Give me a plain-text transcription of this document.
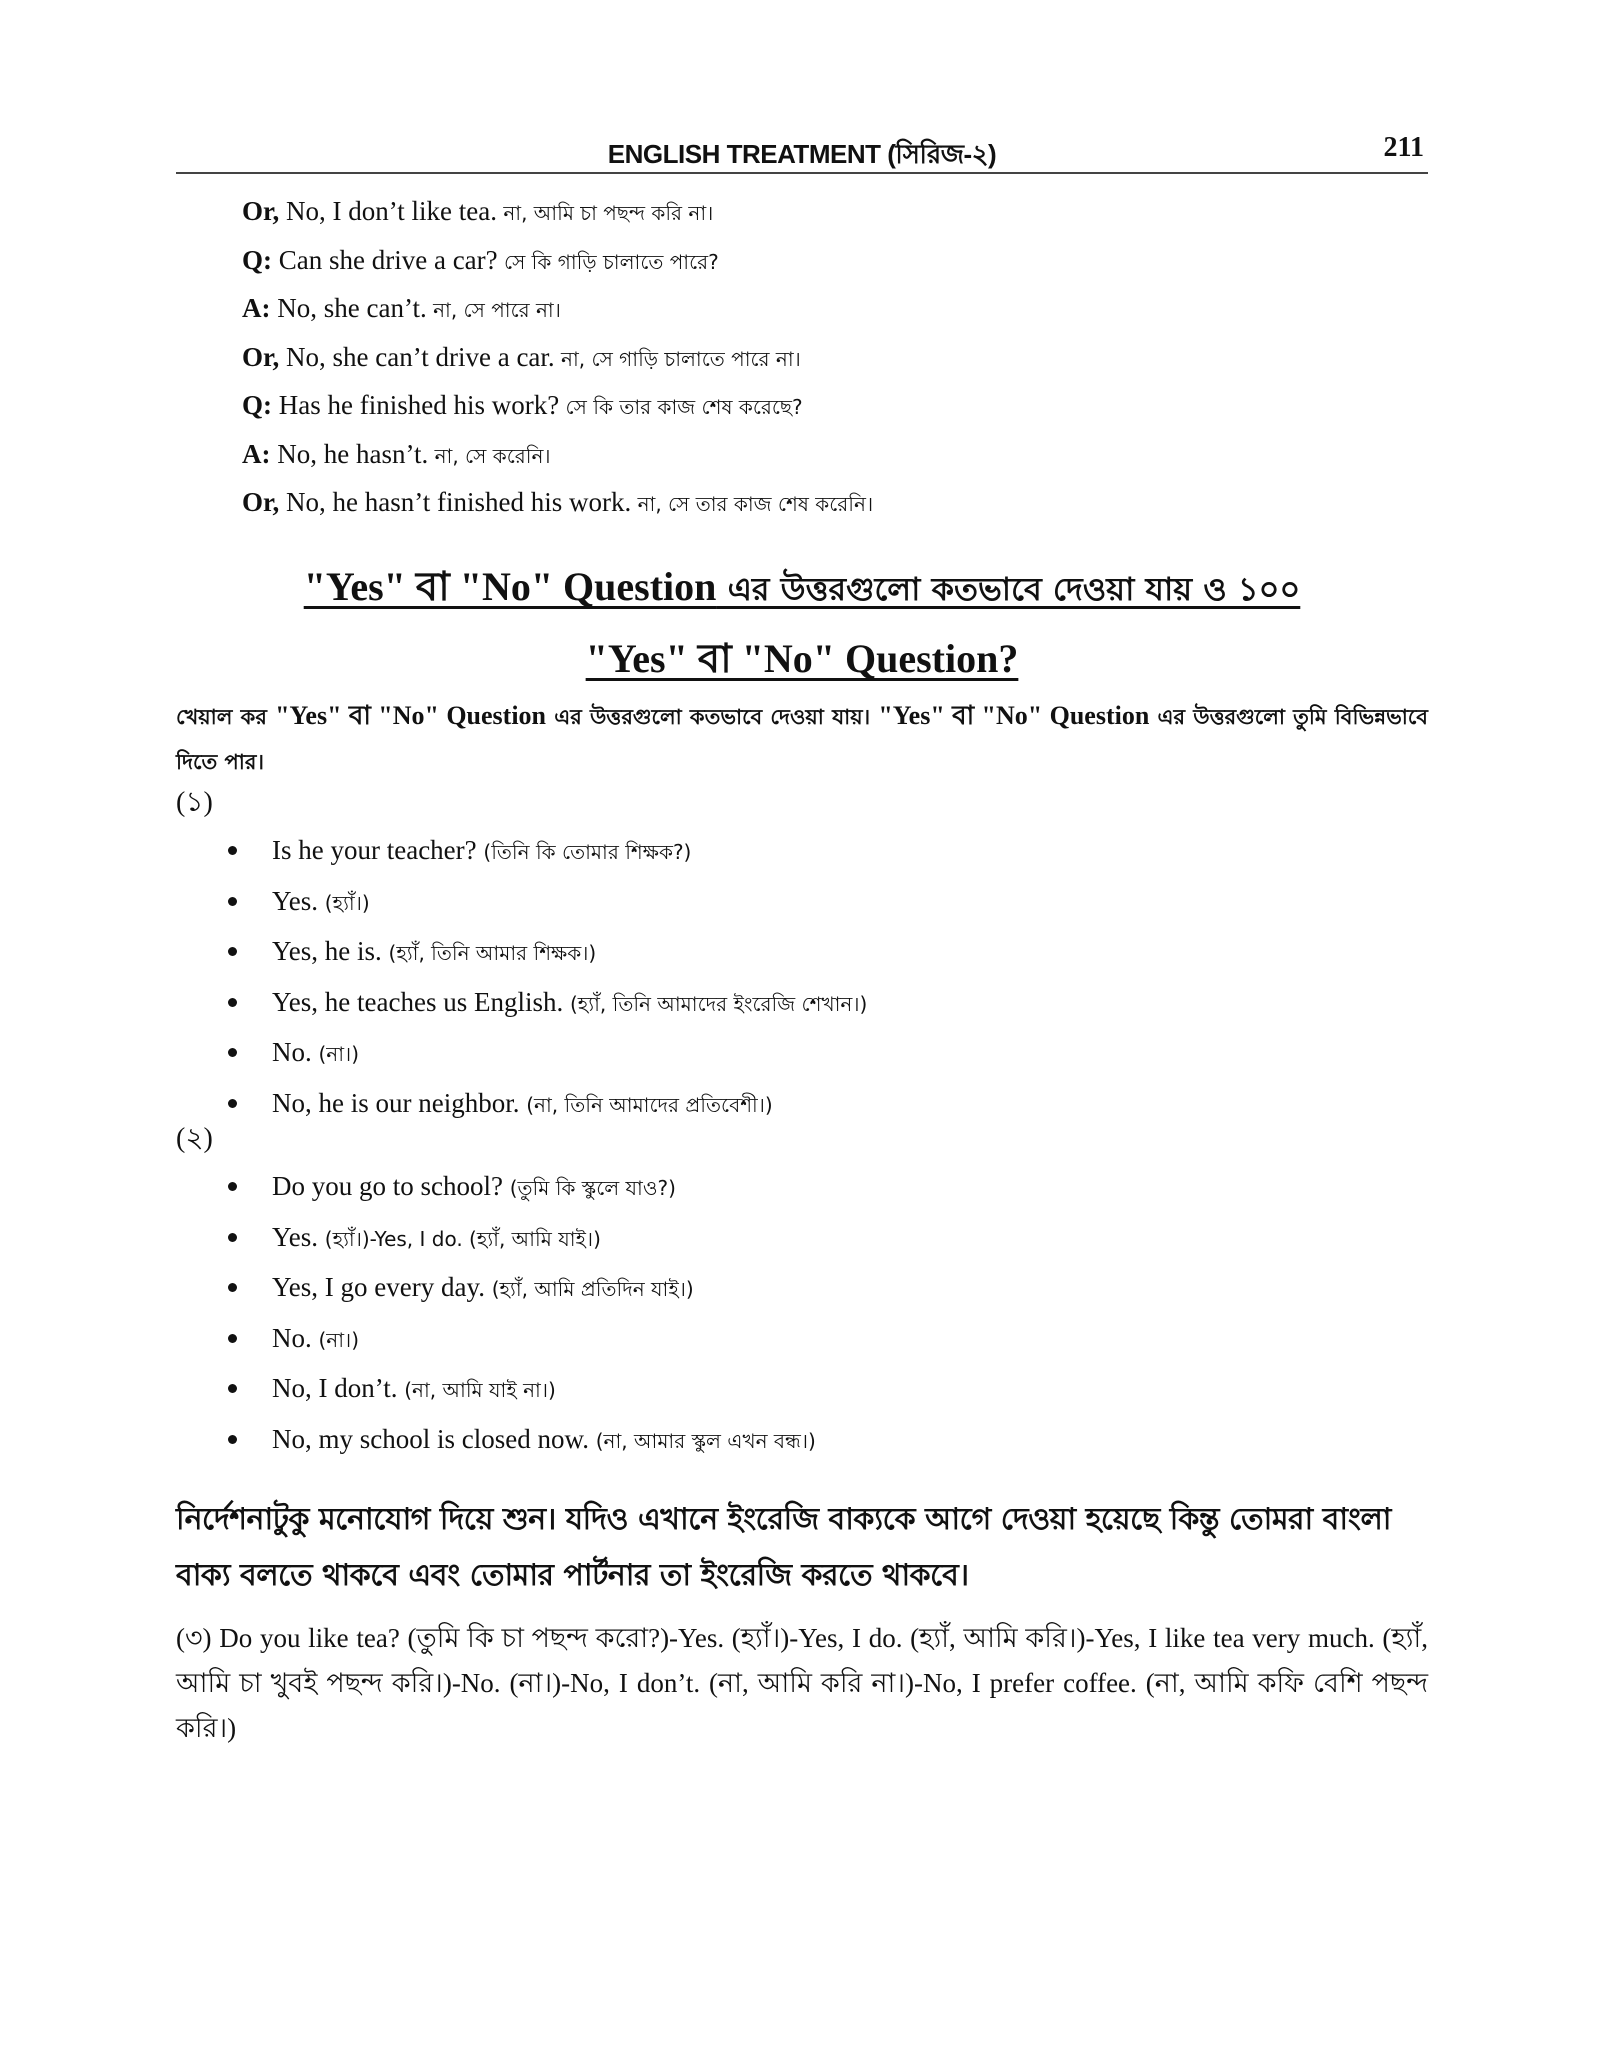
ENGLISH TREATMENT (সিরিজ-২)	211
Or, No, I don’t like tea. না, আমি চা পছন্দ করি না।
Q: Can she drive a car? সে কি গাড়ি চালাতে পারে?
A: No, she can’t. না, সে পারে না।
Or, No, she can’t drive a car. না, সে গাড়ি চালাতে পারে না।
Q: Has he finished his work? সে কি তার কাজ শেষ করেছে?
A: No, he hasn’t. না, সে করেনি।
Or, No, he hasn’t finished his work. না, সে তার কাজ শেষ করেনি।
"Yes" বা "No" Question এর উত্তরগুলো কতভাবে দেওয়া যায় ও ১০০
"Yes" বা "No" Question?
খেয়াল কর "Yes" বা "No" Question এর উত্তরগুলো কতভাবে দেওয়া যায়। "Yes" বা "No" Question এর উত্তরগুলো তুমি বিভিন্নভাবে দিতে পার।
(১)
Is he your teacher? (তিনি কি তোমার শিক্ষক?)
Yes. (হ্যাঁ।)
Yes, he is. (হ্যাঁ, তিনি আমার শিক্ষক।)
Yes, he teaches us English. (হ্যাঁ, তিনি আমাদের ইংরেজি শেখান।)
No. (না।)
No, he is our neighbor. (না, তিনি আমাদের প্রতিবেশী।)
(২)
Do you go to school? (তুমি কি স্কুলে যাও?)
Yes. (হ্যাঁ।)-Yes, I do. (হ্যাঁ, আমি যাই।)
Yes, I go every day. (হ্যাঁ, আমি প্রতিদিন যাই।)
No. (না।)
No, I don’t. (না, আমি যাই না।)
No, my school is closed now. (না, আমার স্কুল এখন বন্ধ।)
নির্দেশনাটুকু মনোযোগ দিয়ে শুন। যদিও এখানে ইংরেজি বাক্যকে আগে দেওয়া হয়েছে কিন্তু তোমরা বাংলা বাক্য বলতে থাকবে এবং তোমার পার্টনার তা ইংরেজি করতে থাকবে।
(৩) Do you like tea? (তুমি কি চা পছন্দ করো?)-Yes. (হ্যাঁ।)-Yes, I do. (হ্যাঁ, আমি করি।)-Yes, I like tea very much. (হ্যাঁ, আমি চা খুবই পছন্দ করি।)-No. (না।)-No, I don’t. (না, আমি করি না।)-No, I prefer coffee. (না, আমি কফি বেশি পছন্দ করি।)
